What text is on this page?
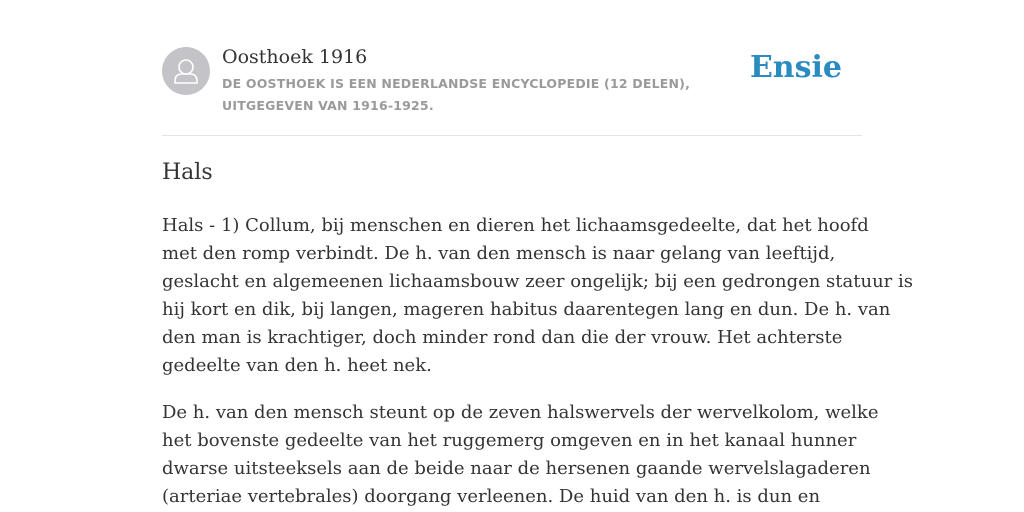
Oosthoek 1916
DE OOSTHOEK IS EEN NEDERLANDSE ENCYCLOPEDIE (12 DELEN), UITGEGEVEN VAN 1916-1925.
Ensie
Hals

Hals - 1) Collum, bij menschen en dieren het lichaamsgedeelte, dat het hoofd
met den romp verbindt. De h. van den mensch is naar gelang van leeftijd,
geslacht en algemeenen lichaamsbouw zeer ongelijk; bij een gedrongen statuur is
hij kort en dik, bij langen, mageren habitus daarentegen lang en dun. De h. van
den man is krachtiger, doch minder rond dan die der vrouw. Het achterste
gedeelte van den h. heet nek.

De h. van den mensch steunt op de zeven halswervels der wervelkolom, welke
het bovenste gedeelte van het ruggemerg omgeven en in het kanaal hunner
dwarse uitsteeksels aan de beide naar de hersenen gaande wervelslagaderen
(arteriae vertebrales) doorgang verleenen. De huid van den h. is dun en
